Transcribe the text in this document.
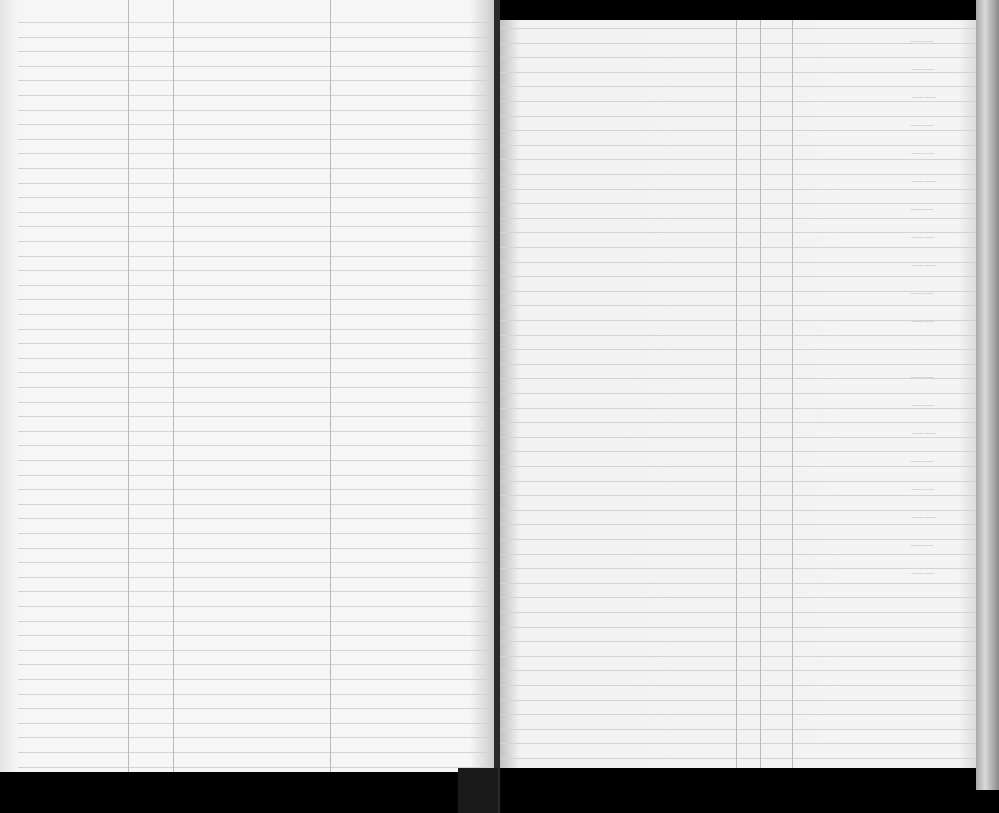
——
——
——
——
——
——
——
——
——
——
——
——
——
——
——
——
——
——
——
——
